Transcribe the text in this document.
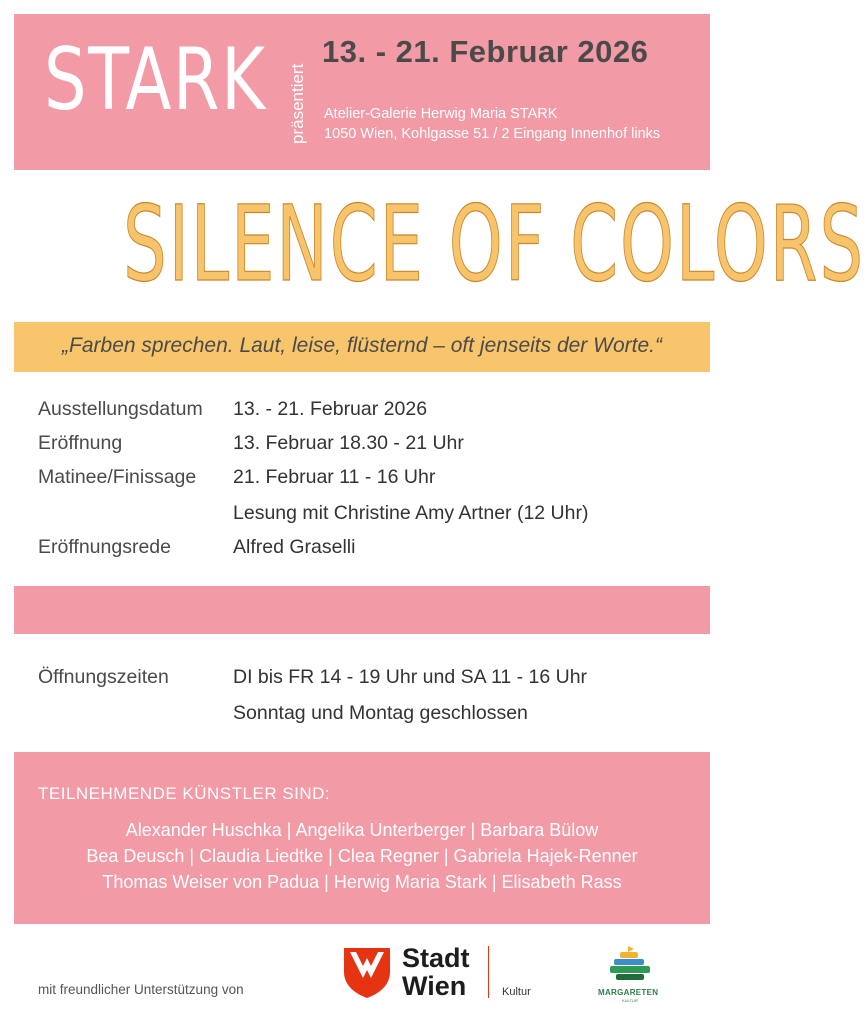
STARK präsentiert
13. - 21. Februar 2026
Atelier-Galerie Herwig Maria STARK
1050 Wien, Kohlgasse 51 / 2 Eingang Innenhof links
SILENCE OF COLORS
„Farben sprechen. Laut, leise, flüsternd – oft jenseits der Worte.“
Ausstellungsdatum 13. - 21. Februar 2026
Eröffnung	13. Februar 18.30 - 21 Uhr
Matinee/Finissage 21. Februar 11 - 16 Uhr
Lesung mit Christine Amy Artner (12 Uhr)
Eröffnungsrede	Alfred Graselli
Öffnungszeiten	DI bis FR 14 - 19 Uhr und SA 11 - 16 Uhr
Sonntag und Montag geschlossen
TEILNEHMENDE KÜNSTLER SIND:
Alexander Huschka | Angelika Unterberger | Barbara Bülow
Bea Deusch | Claudia Liedtke | Clea Regner | Gabriela Hajek-Renner
Thomas Weiser von Padua | Herwig Maria Stark | Elisabeth Rass
mit freundlicher Unterstützung von
Stadt
Wien	Kultur	MARGARETEN
KULTUR
